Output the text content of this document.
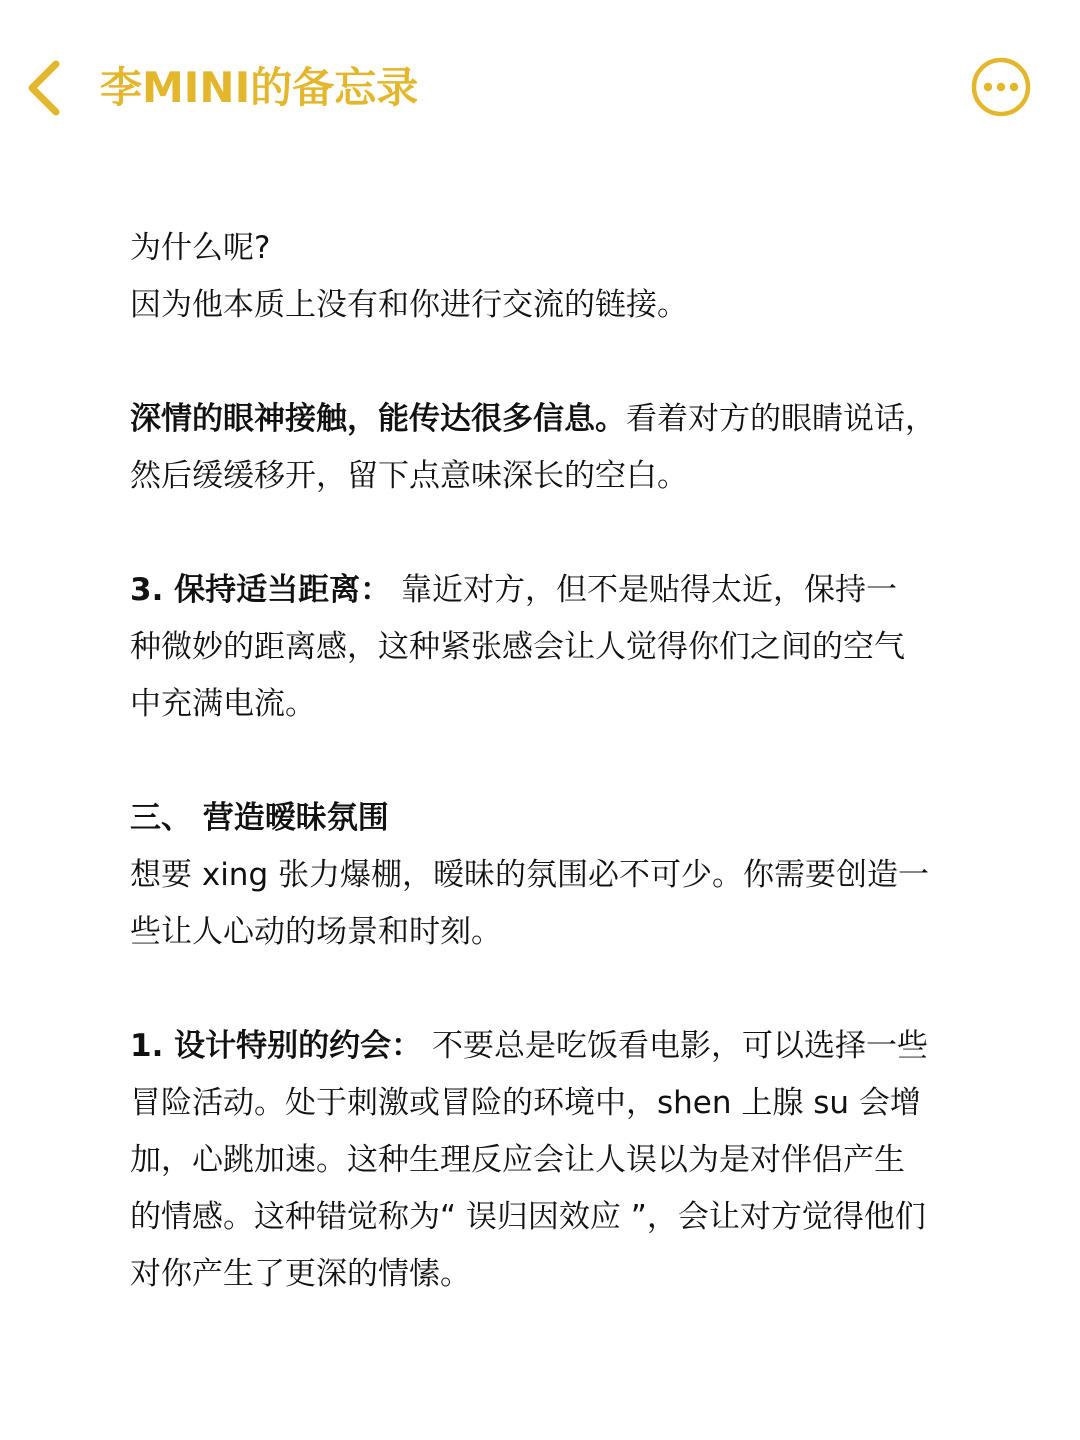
李MINI的备忘录
为什么呢?
因为他本质上没有和你进行交流的链接。
深情的眼神接触，能传达很多信息。看着对方的眼睛说话，
然后缓缓移开，留下点意味深长的空白。
3. 保持适当距离： 靠近对方，但不是贴得太近，保持一
种微妙的距离感，这种紧张感会让人觉得你们之间的空气
中充满电流。
三、 营造暧昧氛围
想要 xing 张力爆棚，暧昧的氛围必不可少。你需要创造一
些让人心动的场景和时刻。
1. 设计特别的约会： 不要总是吃饭看电影，可以选择一些
冒险活动。处于刺激或冒险的环境中，shen 上腺 su 会增
加，心跳加速。这种生理反应会让人误以为是对伴侣产生
的情感。这种错觉称为“ 误归因效应 ”，会让对方觉得他们
对你产生了更深的情愫。
